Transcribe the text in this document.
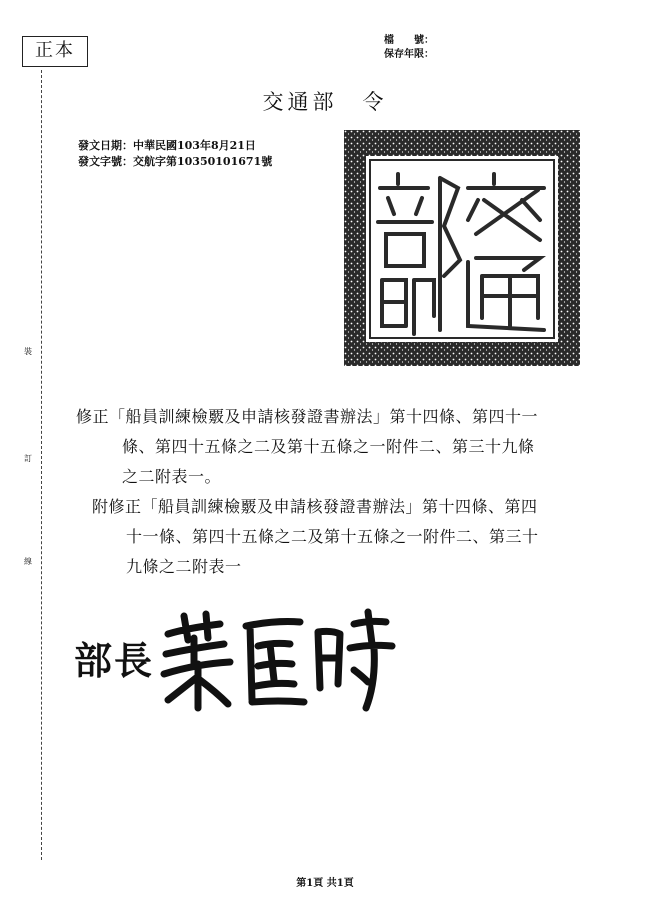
正本	檔　　號：
保存年限：
裝
訂
線
交通部　令
發文日期：中華民國103年8月21日
發文字號：交航字第10350101671號
修正「船員訓練檢覈及申請核發證書辦法」第十四條、第四十一
條、第四十五條之二及第十五條之一附件二、第三十九條
之二附表一。
附修正「船員訓練檢覈及申請核發證書辦法」第十四條、第四
十一條、第四十五條之二及第十五條之一附件二、第三十
九條之二附表一
部長
第1頁 共1頁
